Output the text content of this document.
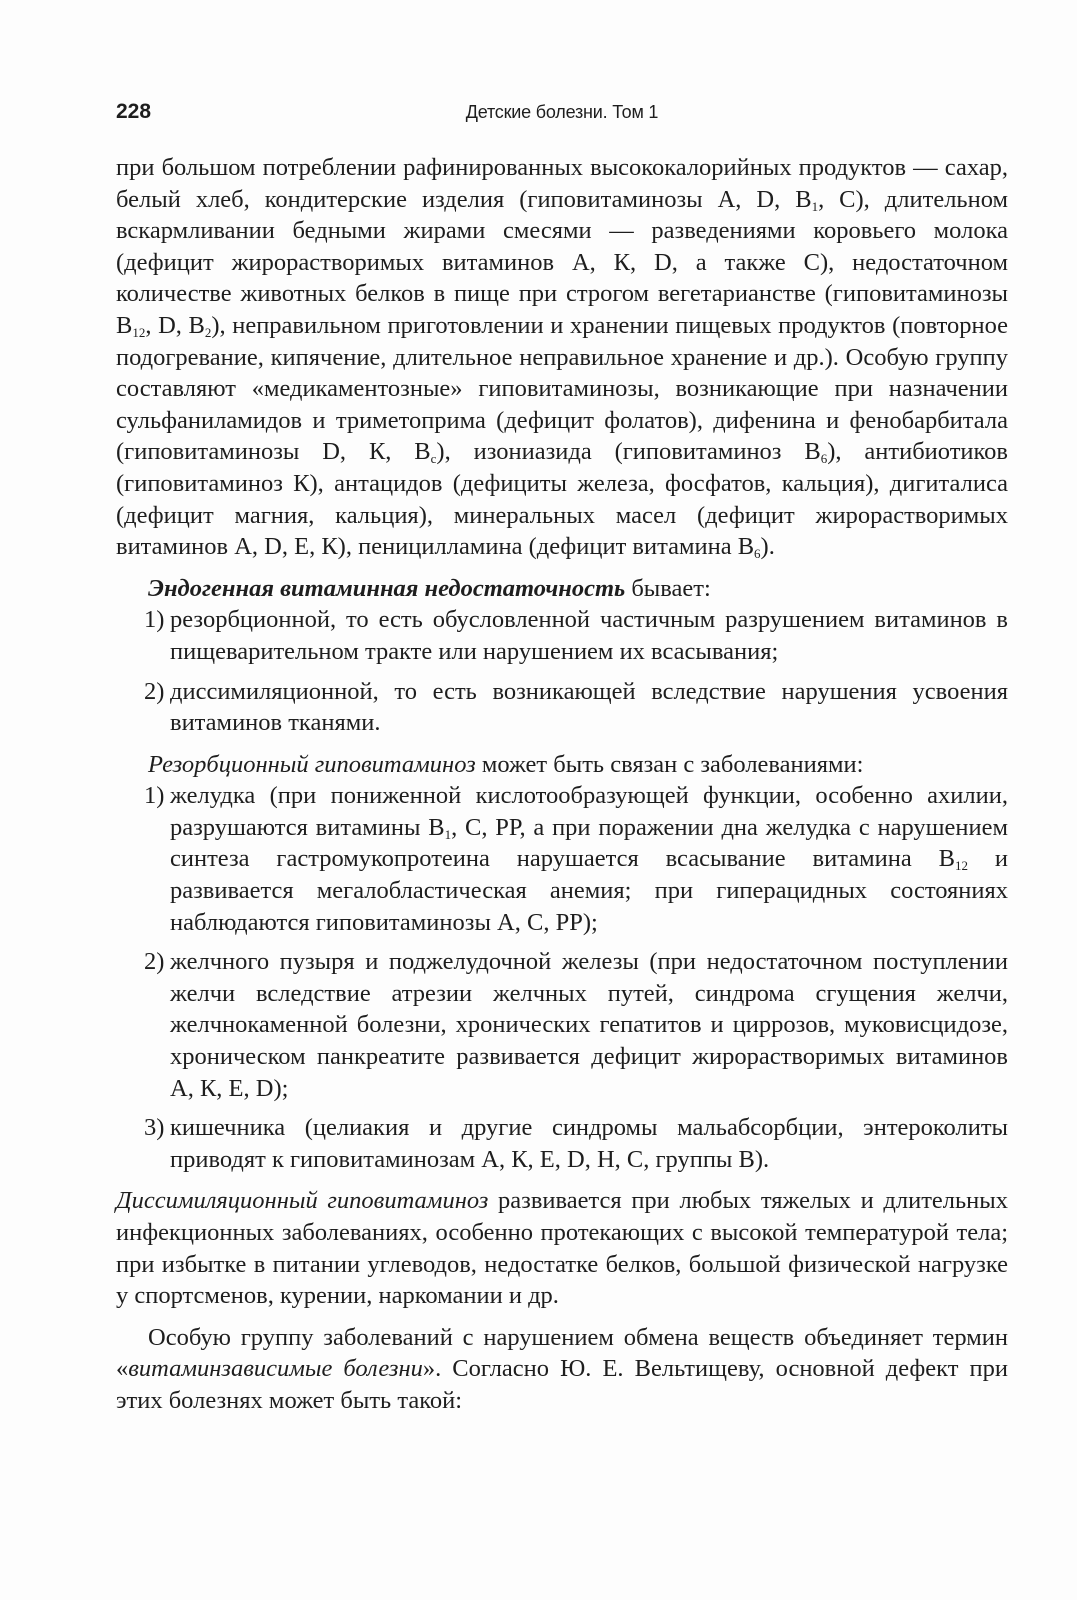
228	Детские болезни. Том 1

при большом потреблении рафинированных высококалорийных продуктов — сахар, белый хлеб, кондитерские изделия (гиповитаминозы А, D, $В_1$, С), длительном вскармливании бедными жирами смесями — разведениями коровьего молока (дефицит жирорастворимых витаминов А, К, D, а также С), недостаточном количестве животных белков в пище при строгом вегетарианстве (гиповитаминозы $В_{12}$, D, $В_2$), неправильном приготовлении и хранении пищевых продуктов (повторное подогревание, кипячение, длительное неправильное хранение и др.). Особую группу составляют «медикаментозные» гиповитаминозы, возникающие при назначении сульфаниламидов и триметоприма (дефицит фолатов), дифенина и фенобарбитала (гиповитаминозы D, К, $В_c$), изониазида (гиповитаминоз $В_6$), антибиотиков (гиповитаминоз К), антацидов (дефициты железа, фосфатов, кальция), дигиталиса (дефицит магния, кальция), минеральных масел (дефицит жирорастворимых витаминов А, D, Е, К), пеницилламина (дефицит витамина $В_6$).

Эндогенная витаминная недостаточность бывает:

1) резорбционной, то есть обусловленной частичным разрушением витаминов в пищеварительном тракте или нарушением их всасывания;
2) диссимиляционной, то есть возникающей вследствие нарушения усвоения витаминов тканями.

Резорбционный гиповитаминоз может быть связан с заболеваниями:

1) желудка (при пониженной кислотообразующей функции, особенно ахилии, разрушаются витамины $В_1$, С, РР, а при поражении дна желудка с нарушением синтеза гастромукопротеина нарушается всасывание витамина $В_{12}$ и развивается мегалобластическая анемия; при гиперацидных состояниях наблюдаются гиповитаминозы А, С, РР);
2) желчного пузыря и поджелудочной железы (при недостаточном поступлении желчи вследствие атрезии желчных путей, синдрома сгущения желчи, желчнокаменной болезни, хронических гепатитов и циррозов, муковисцидозе, хроническом панкреатите развивается дефицит жирорастворимых витаминов А, К, Е, D);
3) кишечника (целиакия и другие синдромы мальабсорбции, энтероколиты приводят к гиповитаминозам А, К, Е, D, Н, С, группы В).

Диссимиляционный гиповитаминоз развивается при любых тяжелых и длительных инфекционных заболеваниях, особенно протекающих с высокой температурой тела; при избытке в питании углеводов, недостатке белков, большой физической нагрузке у спортсменов, курении, наркомании и др.

Особую группу заболеваний с нарушением обмена веществ объединяет термин «витаминзависимые болезни». Согласно Ю. Е. Вельтищеву, основной дефект при этих болезнях может быть такой:
